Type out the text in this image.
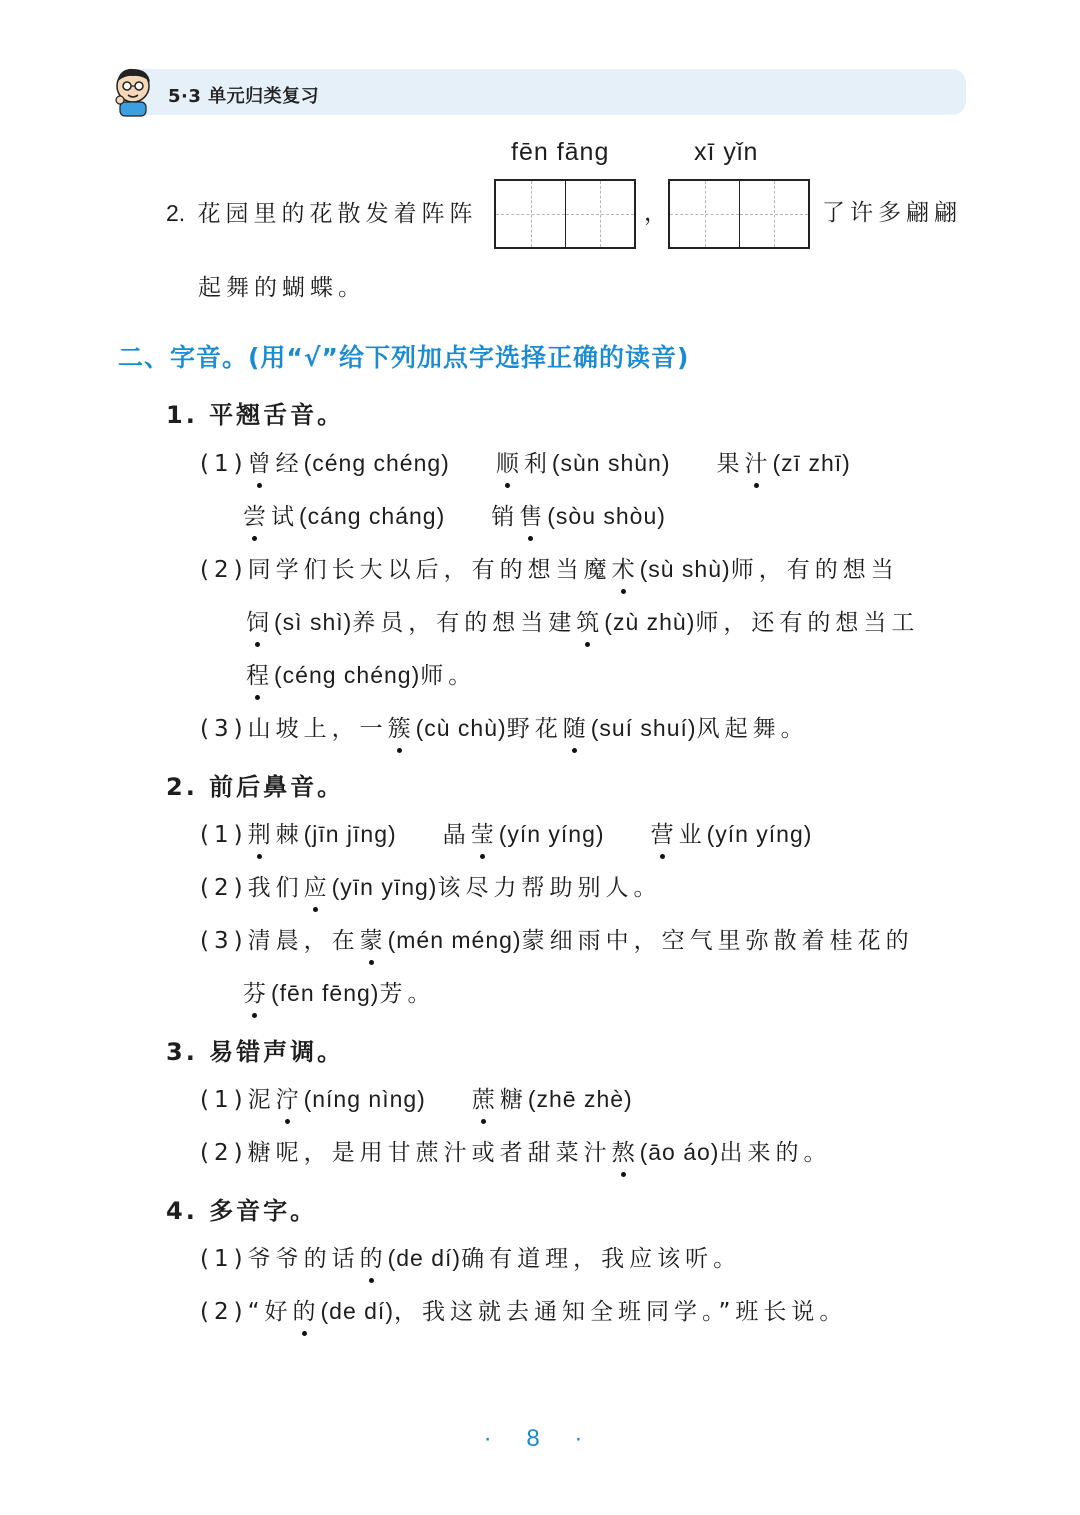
5·3 单元归类复习
fēn fāng	xī yǐn
2. 花园里的花散发着阵阵	，	了许多翩翩
起舞的蝴蝶。
二、字音。(用“√”给下列加点字选择正确的读音)
1. 平翘舌音。
(1)曾经(céng chéng) 顺利(sùn shùn) 果汁(zī zhī)
尝试(cáng cháng) 销售(sòu shòu)
(2)同学们长大以后，有的想当魔术(sù shù)师，有的想当
饲(sì shì)养员，有的想当建筑(zù zhù)师，还有的想当工
程(céng chéng)师。
(3)山坡上，一簇(cù chù)野花随(suí shuí)风起舞。
2. 前后鼻音。
(1)荆棘(jīn jīng) 晶莹(yín yíng) 营业(yín yíng)
(2)我们应(yīn yīng)该尽力帮助别人。
(3)清晨，在蒙(mén méng)蒙细雨中，空气里弥散着桂花的
芬(fēn fēng)芳。
3. 易错声调。
(1)泥泞(níng nìng) 蔗糖(zhē zhè)
(2)糖呢，是用甘蔗汁或者甜菜汁熬(āo áo)出来的。
4. 多音字。
(1)爷爷的话的(de dí)确有道理，我应该听。
(2)“好的(de dí)，我这就去通知全班同学。”班长说。
· 8 ·
